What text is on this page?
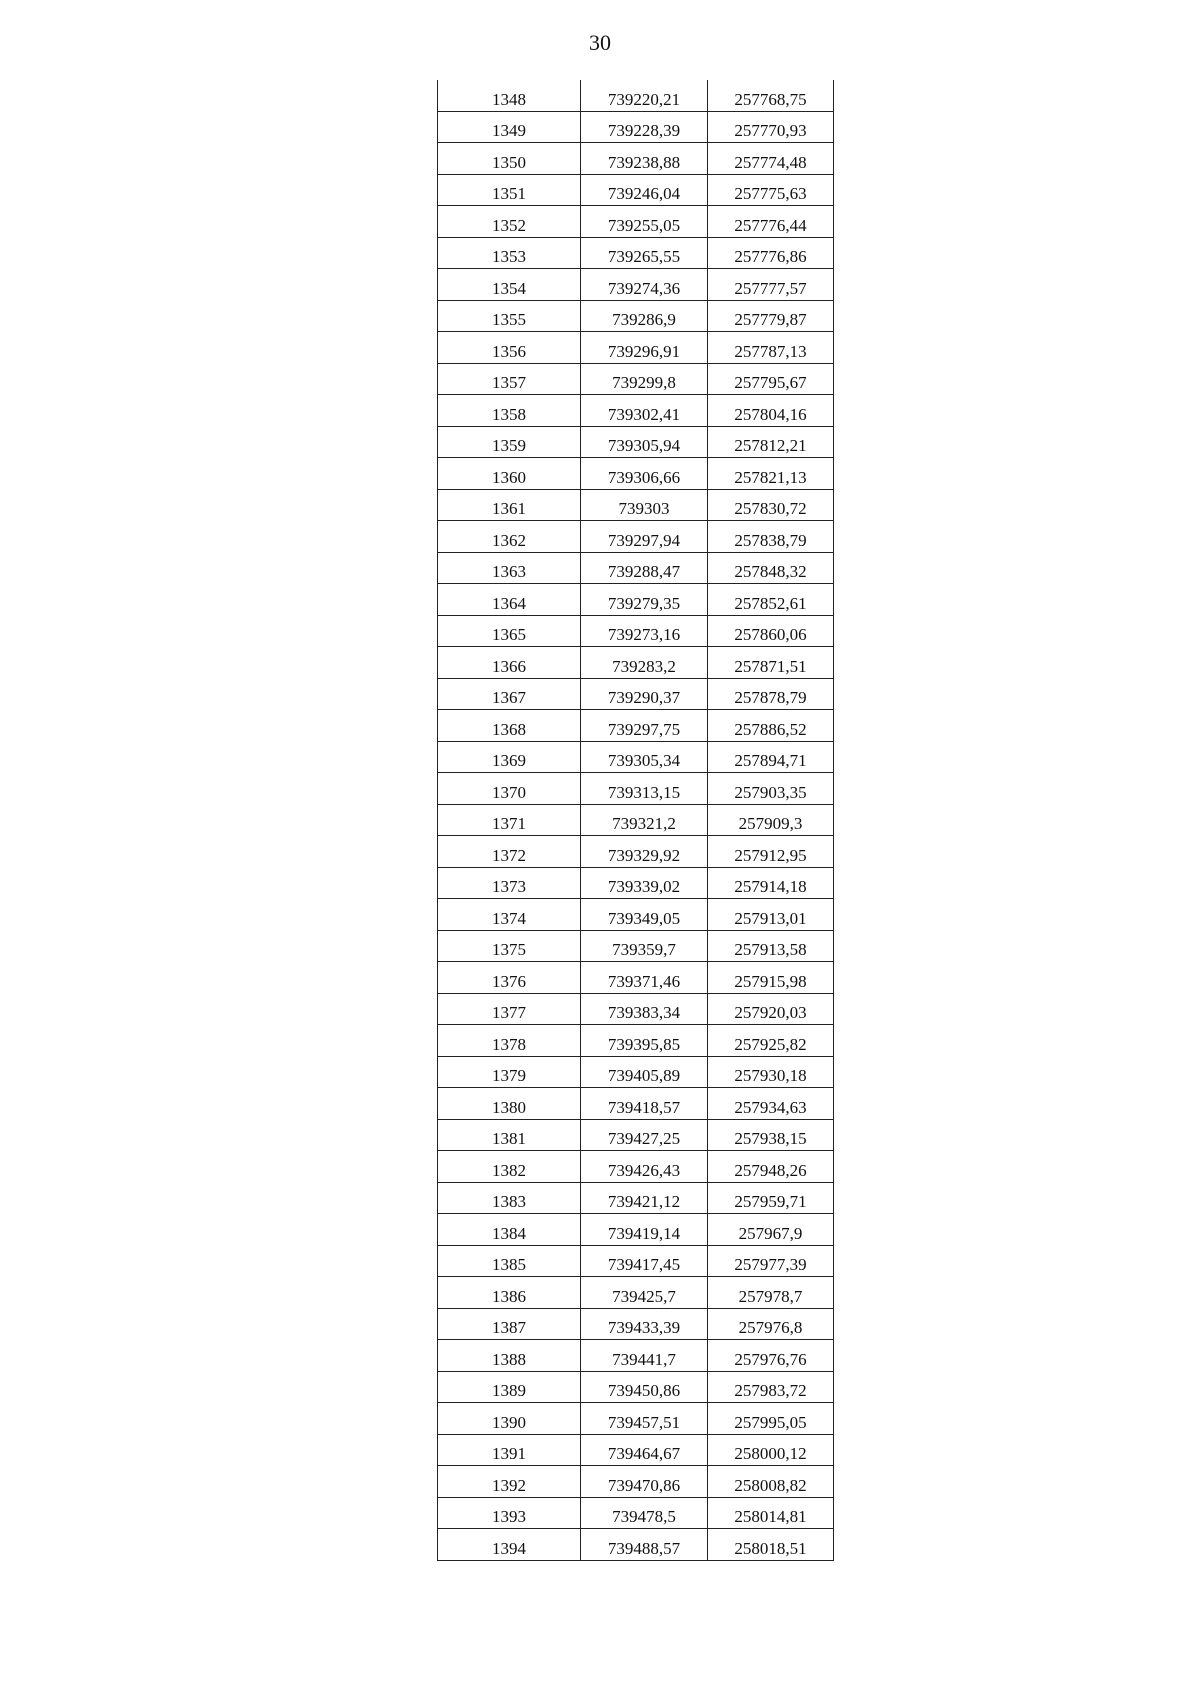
30
1348	739220,21	257768,75
1349	739228,39	257770,93
1350	739238,88	257774,48
1351	739246,04	257775,63
1352	739255,05	257776,44
1353	739265,55	257776,86
1354	739274,36	257777,57
1355	739286,9	257779,87
1356	739296,91	257787,13
1357	739299,8	257795,67
1358	739302,41	257804,16
1359	739305,94	257812,21
1360	739306,66	257821,13
1361	739303	257830,72
1362	739297,94	257838,79
1363	739288,47	257848,32
1364	739279,35	257852,61
1365	739273,16	257860,06
1366	739283,2	257871,51
1367	739290,37	257878,79
1368	739297,75	257886,52
1369	739305,34	257894,71
1370	739313,15	257903,35
1371	739321,2	257909,3
1372	739329,92	257912,95
1373	739339,02	257914,18
1374	739349,05	257913,01
1375	739359,7	257913,58
1376	739371,46	257915,98
1377	739383,34	257920,03
1378	739395,85	257925,82
1379	739405,89	257930,18
1380	739418,57	257934,63
1381	739427,25	257938,15
1382	739426,43	257948,26
1383	739421,12	257959,71
1384	739419,14	257967,9
1385	739417,45	257977,39
1386	739425,7	257978,7
1387	739433,39	257976,8
1388	739441,7	257976,76
1389	739450,86	257983,72
1390	739457,51	257995,05
1391	739464,67	258000,12
1392	739470,86	258008,82
1393	739478,5	258014,81
1394	739488,57	258018,51
